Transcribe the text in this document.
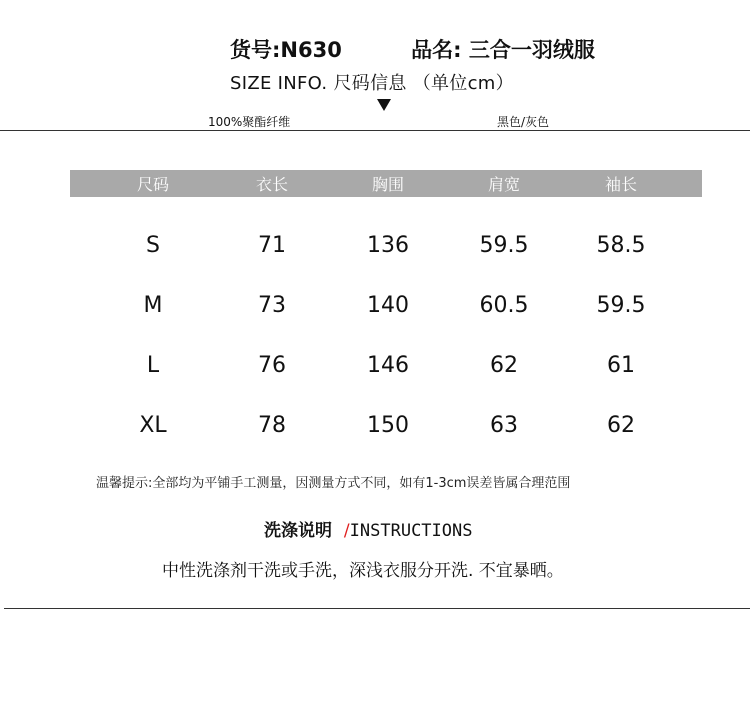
货号:N630	品名: 三合一羽绒服
SIZE INFO. 尺码信息 （单位cm）
100%聚酯纤维	黑色/灰色
尺码	衣长	胸围	肩宽	袖长
S	71	136	59.5	58.5
M	73	140	60.5	59.5
L	76	146	62	61
XL	78	150	63	62
温馨提示:全部均为平铺手工测量，因测量方式不同，如有1-3cm误差皆属合理范围
洗涤说明 /INSTRUCTIONS
中性洗涤剂干洗或手洗，深浅衣服分开洗. 不宜暴晒。
